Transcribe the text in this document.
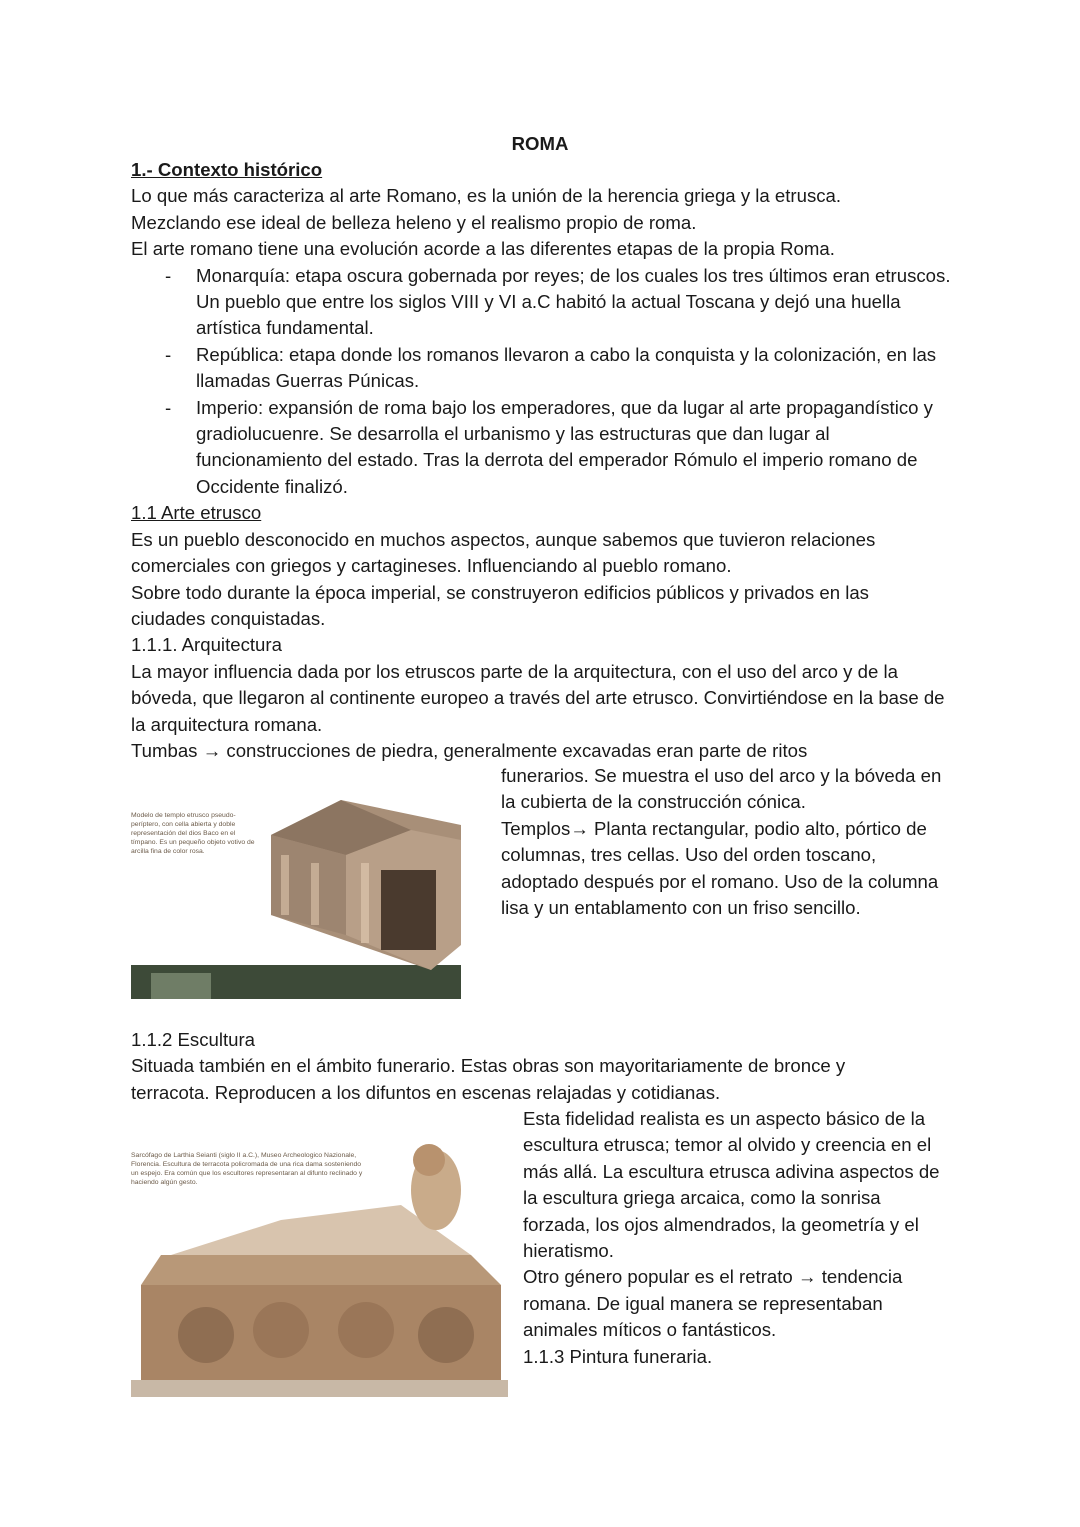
ROMA

1.- Contexto histórico

Lo que más caracteriza al arte Romano, es la unión de la herencia griega y la etrusca. Mezclando ese ideal de belleza heleno y el realismo propio de roma.

El arte romano tiene una evolución acorde a las diferentes etapas de la propia Roma.

- Monarquía: etapa oscura gobernada por reyes; de los cuales los tres últimos eran etruscos. Un pueblo que entre los siglos VIII y VI a.C habitó la actual Toscana y dejó una huella artística fundamental.
- República: etapa donde los romanos llevaron a cabo la conquista y la colonización, en las llamadas Guerras Púnicas.
- Imperio: expansión de roma bajo los emperadores, que da lugar al arte propagandístico y gradiolucuenre. Se desarrolla el urbanismo y las estructuras que dan lugar al funcionamiento del estado. Tras la derrota del emperador Rómulo el imperio romano de Occidente finalizó.

1.1 Arte etrusco

Es un pueblo desconocido en muchos aspectos, aunque sabemos que tuvieron relaciones comerciales con griegos y cartagineses. Influenciando al pueblo romano.

Sobre todo durante la época imperial, se construyeron edificios públicos y privados en las ciudades conquistadas.

1.1.1. Arquitectura

La mayor influencia dada por los etruscos parte de la arquitectura, con el uso del arco y de la bóveda, que llegaron al continente europeo a través del arte etrusco. Convirtiéndose en la base de la arquitectura romana.

Tumbas → construcciones de piedra, generalmente excavadas eran parte de ritos

funerarios. Se muestra el uso del arco y la bóveda en la cubierta de la construcción cónica.

Templos→ Planta rectangular, podio alto, pórtico de columnas, tres cellas. Uso del orden toscano, adoptado después por el romano. Uso de la columna lisa y un entablamento con un friso sencillo.

Modelo de templo etrusco pseudo-períptero, con cella abierta y doble representación del dios Baco en el tímpano. Es un pequeño objeto votivo de arcilla fina de color rosa.

1.1.2 Escultura

Situada también en el ámbito funerario. Estas obras son mayoritariamente de bronce y terracota. Reproducen a los difuntos en escenas relajadas y cotidianas.

Esta fidelidad realista es un aspecto básico de la escultura etrusca; temor al olvido y creencia en el más allá. La escultura etrusca adivina aspectos de la escultura griega arcaica, como la sonrisa forzada, los ojos almendrados, la geometría y el hieratismo.

Otro género popular es el retrato → tendencia romana. De igual manera se representaban animales míticos o fantásticos.

1.1.3 Pintura funeraria.

Sarcófago de Larthia Seianti (siglo II a.C.), Museo Archeologico Nazionale, Florencia. Escultura de terracota policromada de una rica dama sosteniendo un espejo. Era común que los escultores representaran al difunto reclinado y haciendo algún gesto.
